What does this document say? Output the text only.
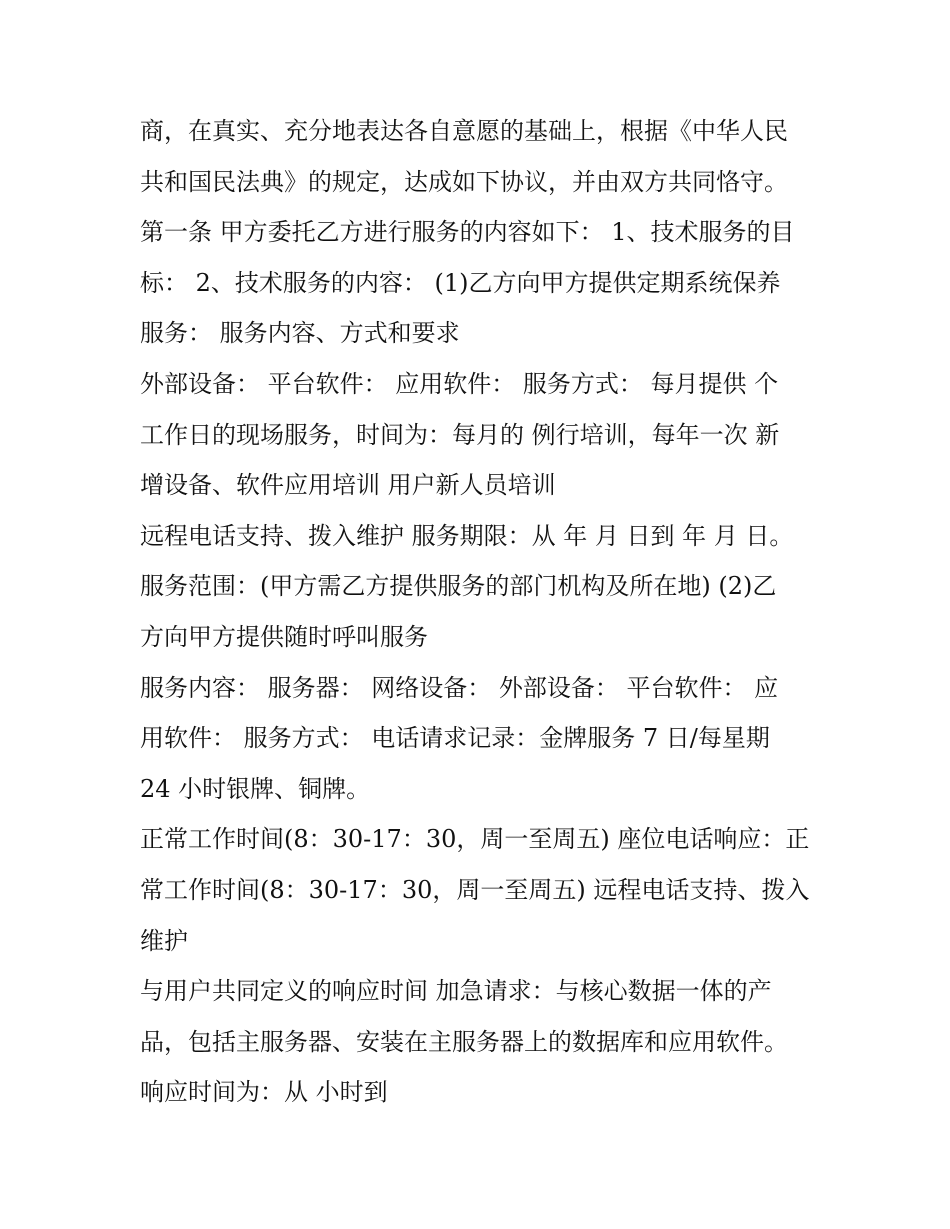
商，在真实、充分地表达各自意愿的基础上，根据《中华人民
共和国民法典》的规定，达成如下协议，并由双方共同恪守。
第一条 甲方委托乙方进行服务的内容如下： 1、技术服务的目
标： 2、技术服务的内容： (1)乙方向甲方提供定期系统保养
服务： 服务内容、方式和要求
外部设备： 平台软件： 应用软件： 服务方式： 每月提供 个
工作日的现场服务，时间为：每月的 例行培训，每年一次 新
增设备、软件应用培训 用户新人员培训
远程电话支持、拨入维护 服务期限：从 年 月 日到 年 月 日。
服务范围：(甲方需乙方提供服务的部门机构及所在地) (2)乙
方向甲方提供随时呼叫服务
服务内容： 服务器： 网络设备： 外部设备： 平台软件： 应
用软件： 服务方式： 电话请求记录：金牌服务 7 日/每星期
24 小时银牌、铜牌。
正常工作时间(8：30-17：30，周一至周五) 座位电话响应：正
常工作时间(8：30-17：30，周一至周五) 远程电话支持、拨入
维护
与用户共同定义的响应时间 加急请求：与核心数据一体的产
品，包括主服务器、安装在主服务器上的数据库和应用软件。
响应时间为：从 小时到
